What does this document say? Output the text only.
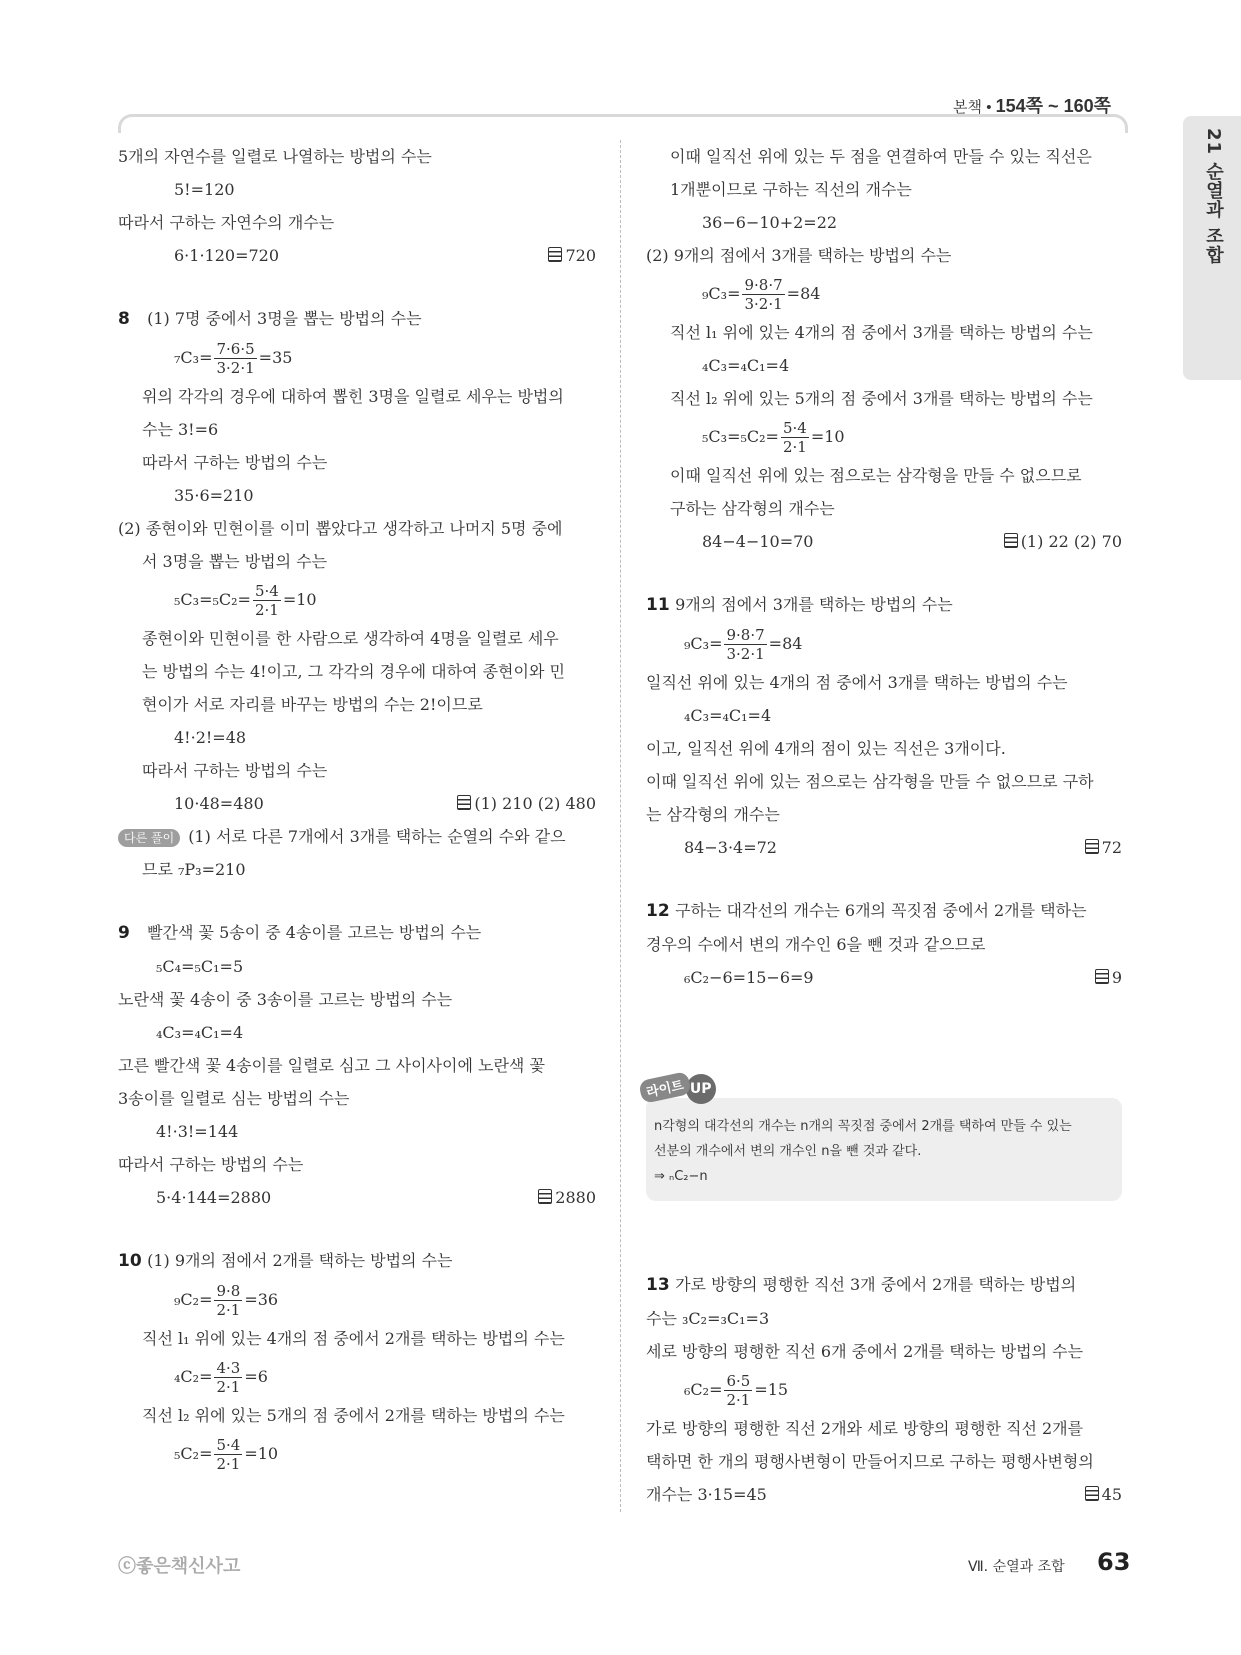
본책 • 154쪽 ~ 160쪽
21 순열과 조합
5개의 자연수를 일렬로 나열하는 방법의 수는
5!=120
따라서 구하는 자연수의 개수는
6·1·120=720	720
8 (1) 7명 중에서 3명을 뽑는 방법의 수는
$_7C_3= \frac{7\cdot 6\cdot 5}{3\cdot 2\cdot 1} =35$
위의 각각의 경우에 대하여 뽑힌 3명을 일렬로 세우는 방법의
수는 3!=6
따라서 구하는 방법의 수는
35·6=210
(2) 종현이와 민현이를 이미 뽑았다고 생각하고 나머지 5명 중에
서 3명을 뽑는 방법의 수는
$_5C_3=_5C_2= \frac{5\cdot 4}{2\cdot 1} =10$
종현이와 민현이를 한 사람으로 생각하여 4명을 일렬로 세우
는 방법의 수는 4!이고, 그 각각의 경우에 대하여 종현이와 민
현이가 서로 자리를 바꾸는 방법의 수는 2!이므로
4!·2!=48
따라서 구하는 방법의 수는
10·48=480	(1) 210 (2) 480
다른 풀이 (1) 서로 다른 7개에서 3개를 택하는 순열의 수와 같으
므로 ₇P₃=210
9 빨간색 꽃 5송이 중 4송이를 고르는 방법의 수는
₅C₄=₅C₁=5
노란색 꽃 4송이 중 3송이를 고르는 방법의 수는
₄C₃=₄C₁=4
고른 빨간색 꽃 4송이를 일렬로 심고 그 사이사이에 노란색 꽃
3송이를 일렬로 심는 방법의 수는
4!·3!=144
따라서 구하는 방법의 수는
5·4·144=2880	2880
10 (1) 9개의 점에서 2개를 택하는 방법의 수는
$_9C_2= \frac{9\cdot 8}{2\cdot 1} =36$
직선 l₁ 위에 있는 4개의 점 중에서 2개를 택하는 방법의 수는
$_4C_2= \frac{4\cdot 3}{2\cdot 1} =6$
직선 l₂ 위에 있는 5개의 점 중에서 2개를 택하는 방법의 수는
$_5C_2= \frac{5\cdot 4}{2\cdot 1} =10$
이때 일직선 위에 있는 두 점을 연결하여 만들 수 있는 직선은
1개뿐이므로 구하는 직선의 개수는
36−6−10+2=22
(2) 9개의 점에서 3개를 택하는 방법의 수는
$_9C_3= \frac{9\cdot 8\cdot 7}{3\cdot 2\cdot 1} =84$
직선 l₁ 위에 있는 4개의 점 중에서 3개를 택하는 방법의 수는
₄C₃=₄C₁=4
직선 l₂ 위에 있는 5개의 점 중에서 3개를 택하는 방법의 수는
$_5C_3=_5C_2= \frac{5\cdot 4}{2\cdot 1} =10$
이때 일직선 위에 있는 점으로는 삼각형을 만들 수 없으므로
구하는 삼각형의 개수는
84−4−10=70	(1) 22 (2) 70
11 9개의 점에서 3개를 택하는 방법의 수는
$_9C_3= \frac{9\cdot 8\cdot 7}{3\cdot 2\cdot 1} =84$
일직선 위에 있는 4개의 점 중에서 3개를 택하는 방법의 수는
₄C₃=₄C₁=4
이고, 일직선 위에 4개의 점이 있는 직선은 3개이다.
이때 일직선 위에 있는 점으로는 삼각형을 만들 수 없으므로 구하
는 삼각형의 개수는
84−3·4=72	72
12 구하는 대각선의 개수는 6개의 꼭짓점 중에서 2개를 택하는
경우의 수에서 변의 개수인 6을 뺀 것과 같으므로
₆C₂−6=15−6=9	9
라이트 UP
n각형의 대각선의 개수는 n개의 꼭짓점 중에서 2개를 택하여 만들 수 있는
선분의 개수에서 변의 개수인 n을 뺀 것과 같다.
⇒ ₙC₂−n
13 가로 방향의 평행한 직선 3개 중에서 2개를 택하는 방법의
수는 ₃C₂=₃C₁=3
세로 방향의 평행한 직선 6개 중에서 2개를 택하는 방법의 수는
$_6C_2= \frac{6\cdot 5}{2\cdot 1} =15$
가로 방향의 평행한 직선 2개와 세로 방향의 평행한 직선 2개를
택하면 한 개의 평행사변형이 만들어지므로 구하는 평행사변형의
개수는 3·15=45	45
ⓒ좋은책신사고	Ⅶ. 순열과 조합 63
